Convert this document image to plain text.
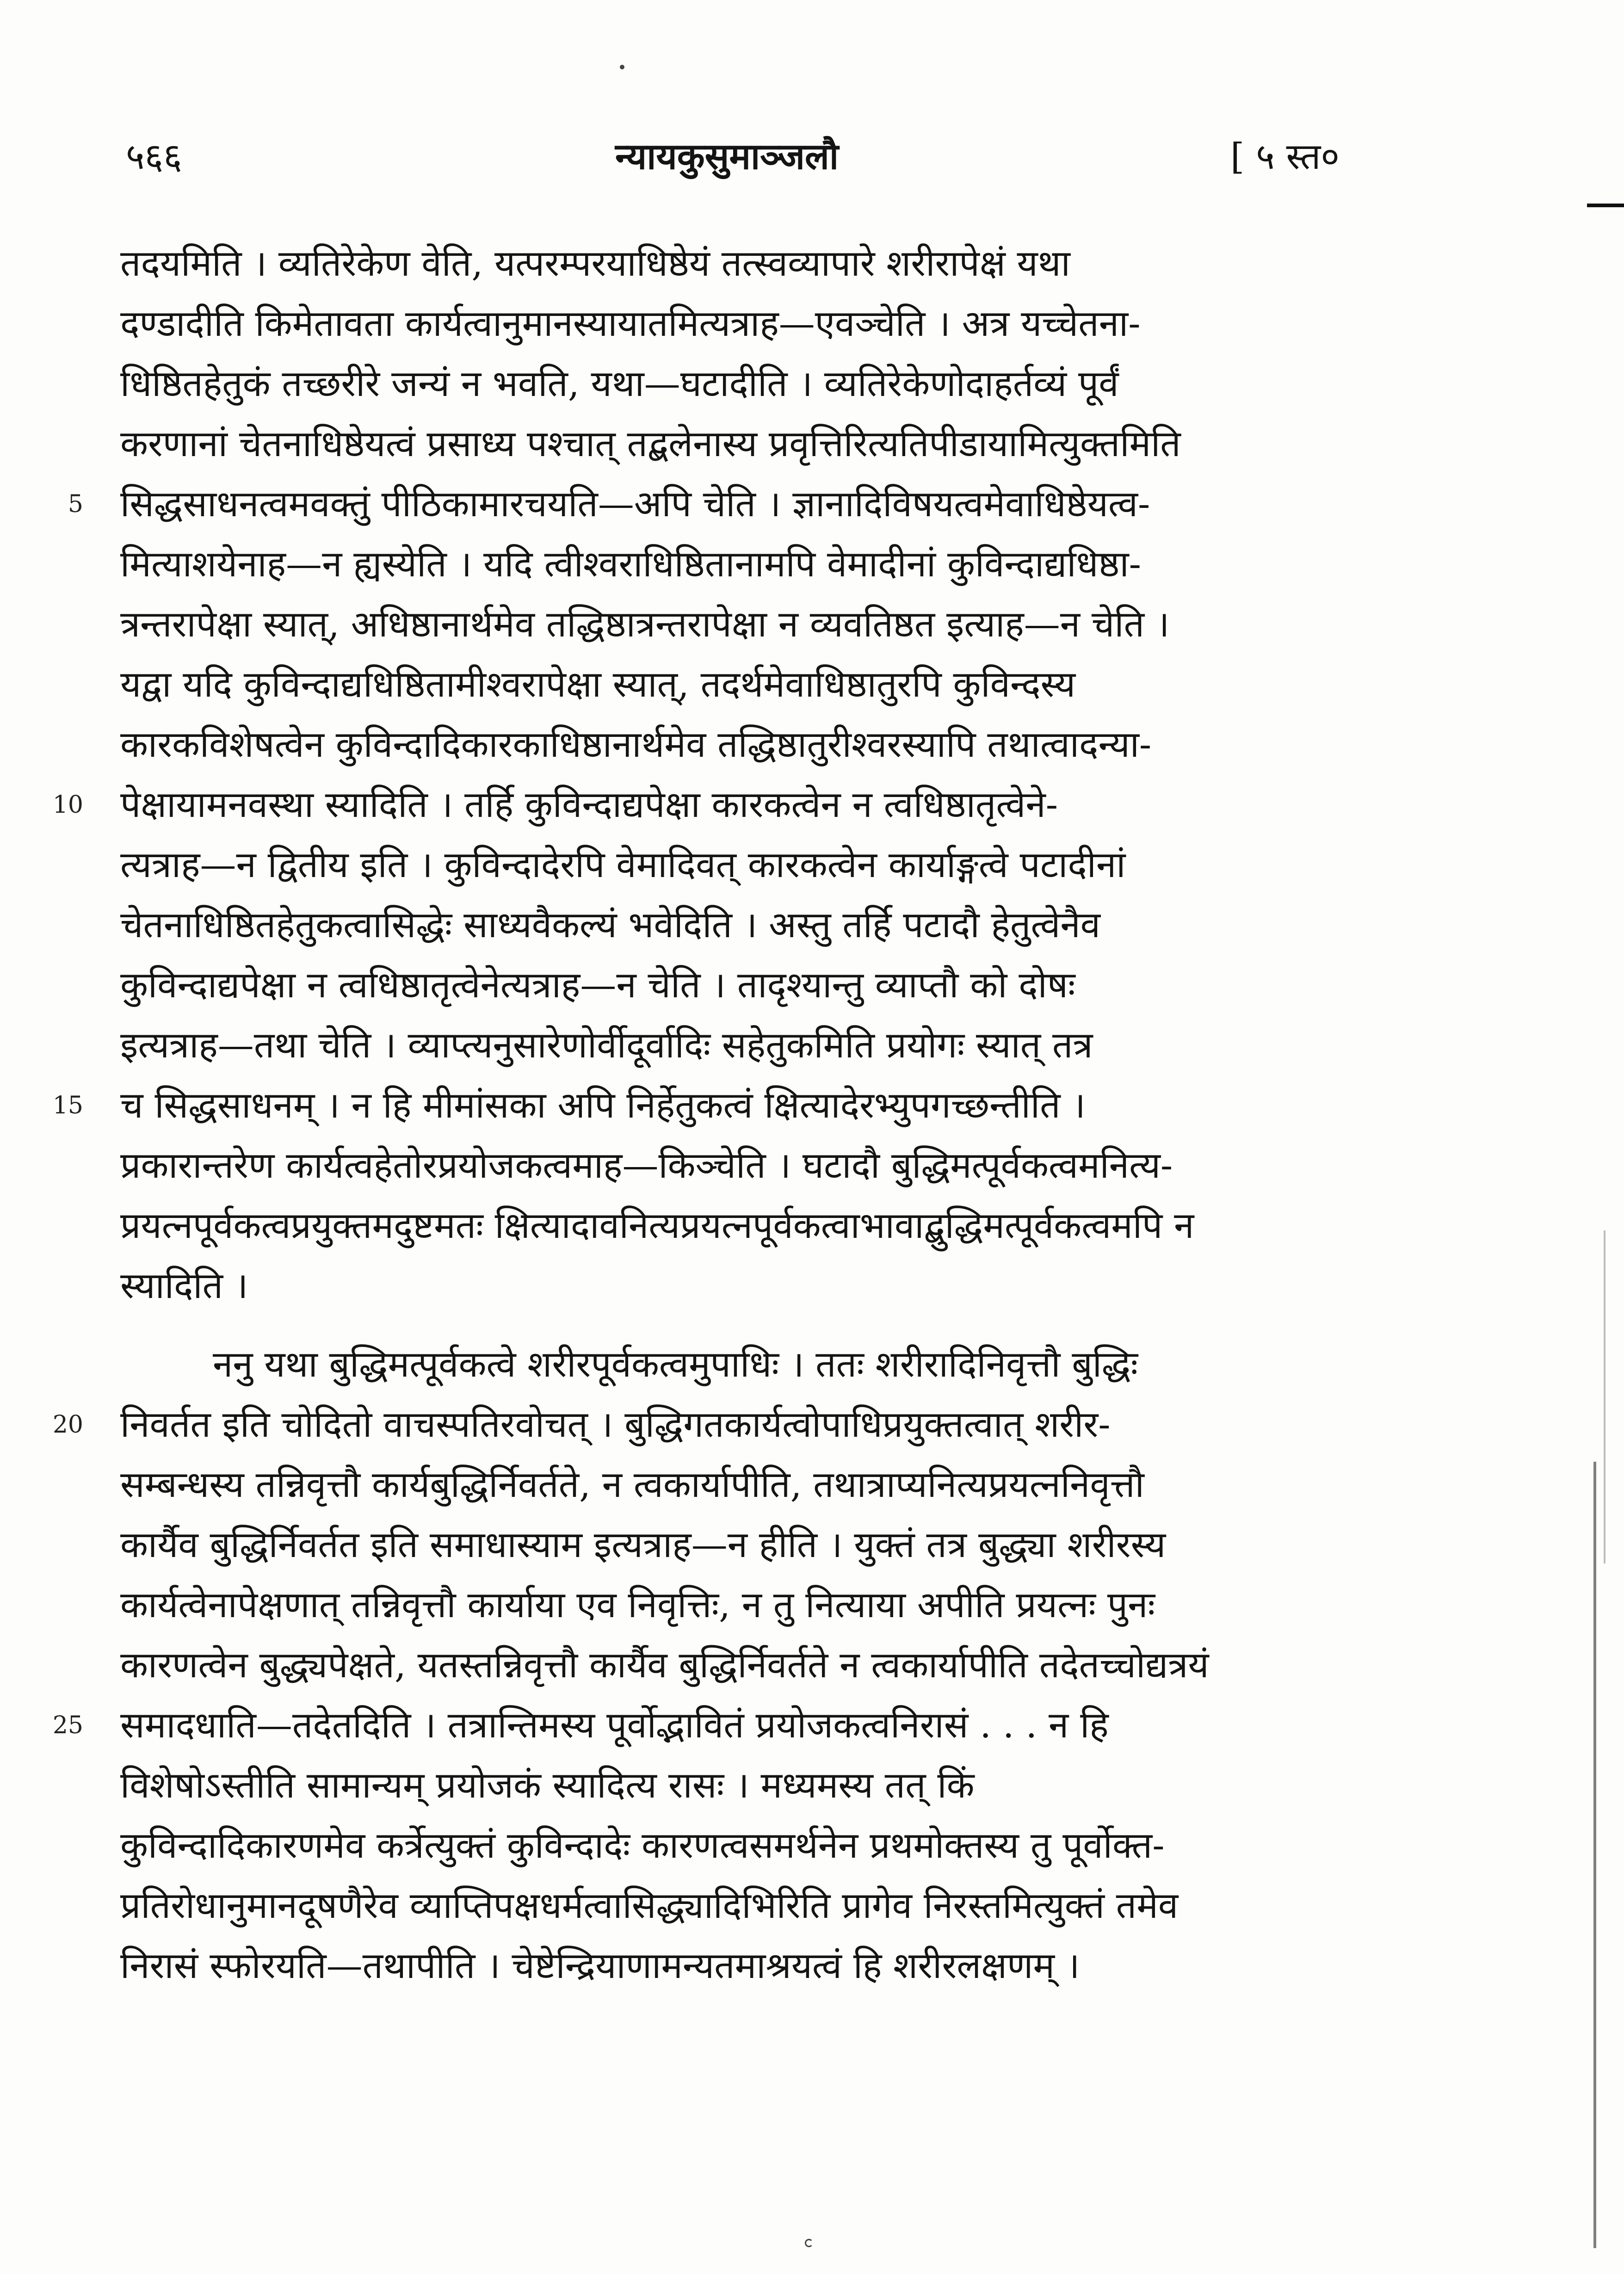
५६६	न्यायकुसुमाञ्जलौ	[ ५ स्त०
तदयमिति । व्यतिरेकेण वेति, यत्परम्परयाधिष्ठेयं तत्स्वव्यापारे शरीरापेक्षं यथा
दण्डादीति किमेतावता कार्यत्वानुमानस्यायातमित्यत्राह—एवञ्चेति । अत्र यच्चेतना-
धिष्ठितहेतुकं तच्छरीरे जन्यं न भवति, यथा—घटादीति । व्यतिरेकेणोदाहर्तव्यं पूर्वं
करणानां चेतनाधिष्ठेयत्वं प्रसाध्य पश्चात् तद्बलेनास्य प्रवृत्तिरित्यतिपीडायामित्युक्तमिति
5 सिद्धसाधनत्वमवक्तुं पीठिकामारचयति—अपि चेति । ज्ञानादिविषयत्वमेवाधिष्ठेयत्व-
मित्याशयेनाह—न ह्यस्येति । यदि त्वीश्वराधिष्ठितानामपि वेमादीनां कुविन्दाद्यधिष्ठा-
त्रन्तरापेक्षा स्यात्, अधिष्ठानार्थमेव तद्धिष्ठात्रन्तरापेक्षा न व्यवतिष्ठत इत्याह—न चेति ।
यद्वा यदि कुविन्दाद्यधिष्ठितामीश्वरापेक्षा स्यात्, तदर्थमेवाधिष्ठातुरपि कुविन्दस्य
कारकविशेषत्वेन कुविन्दादिकारकाधिष्ठानार्थमेव तद्धिष्ठातुरीश्वरस्यापि तथात्वादन्या-
10 पेक्षायामनवस्था स्यादिति । तर्हि कुविन्दाद्यपेक्षा कारकत्वेन न त्वधिष्ठातृत्वेने-
त्यत्राह—न द्वितीय इति । कुविन्दादेरपि वेमादिवत् कारकत्वेन कार्याङ्गत्वे पटादीनां
चेतनाधिष्ठितहेतुकत्वासिद्धेः साध्यवैकल्यं भवेदिति । अस्तु तर्हि पटादौ हेतुत्वेनैव
कुविन्दाद्यपेक्षा न त्वधिष्ठातृत्वेनेत्यत्राह—न चेति । तादृश्यान्तु व्याप्तौ को दोषः
इत्यत्राह—तथा चेति । व्याप्त्यनुसारेणोर्वीदूर्वादिः सहेतुकमिति प्रयोगः स्यात् तत्र
15 च सिद्धसाधनम् । न हि मीमांसका अपि निर्हेतुकत्वं क्षित्यादेरभ्युपगच्छन्तीति ।
प्रकारान्तरेण कार्यत्वहेतोरप्रयोजकत्वमाह—किञ्चेति । घटादौ बुद्धिमत्पूर्वकत्वमनित्य-
प्रयत्नपूर्वकत्वप्रयुक्तमदुष्टमतः क्षित्यादावनित्यप्रयत्नपूर्वकत्वाभावाद्बुद्धिमत्पूर्वकत्वमपि न
स्यादिति ।
ननु यथा बुद्धिमत्पूर्वकत्वे शरीरपूर्वकत्वमुपाधिः । ततः शरीरादिनिवृत्तौ बुद्धिः
20 निवर्तत इति चोदितो वाचस्पतिरवोचत् । बुद्धिगतकार्यत्वोपाधिप्रयुक्तत्वात् शरीर-
सम्बन्धस्य तन्निवृत्तौ कार्यबुद्धिर्निवर्तते, न त्वकार्यापीति, तथात्राप्यनित्यप्रयत्ननिवृत्तौ
कार्यैव बुद्धिर्निवर्तत इति समाधास्याम इत्यत्राह—न हीति । युक्तं तत्र बुद्ध्या शरीरस्य
कार्यत्वेनापेक्षणात् तन्निवृत्तौ कार्याया एव निवृत्तिः, न तु नित्याया अपीति प्रयत्नः पुनः
कारणत्वेन बुद्ध्यपेक्षते, यतस्तन्निवृत्तौ कार्यैव बुद्धिर्निवर्तते न त्वकार्यापीति तदेतच्चोद्यत्रयं
25 समादधाति—तदेतदिति । तत्रान्तिमस्य पूर्वोद्भावितं प्रयोजकत्वनिरासं . . . न हि
विशेषोऽस्तीति सामान्यम् प्रयोजकं स्यादित्य रासः । मध्यमस्य तत् किं
कुविन्दादिकारणमेव कर्त्रेत्युक्तं कुविन्दादेः कारणत्वसमर्थनेन प्रथमोक्तस्य तु पूर्वोक्त-
प्रतिरोधानुमानदूषणैरेव व्याप्तिपक्षधर्मत्वासिद्ध्यादिभिरिति प्रागेव निरस्तमित्युक्तं तमेव
निरासं स्फोरयति—तथापीति । चेष्टेन्द्रियाणामन्यतमाश्रयत्वं हि शरीरलक्षणम् ।
